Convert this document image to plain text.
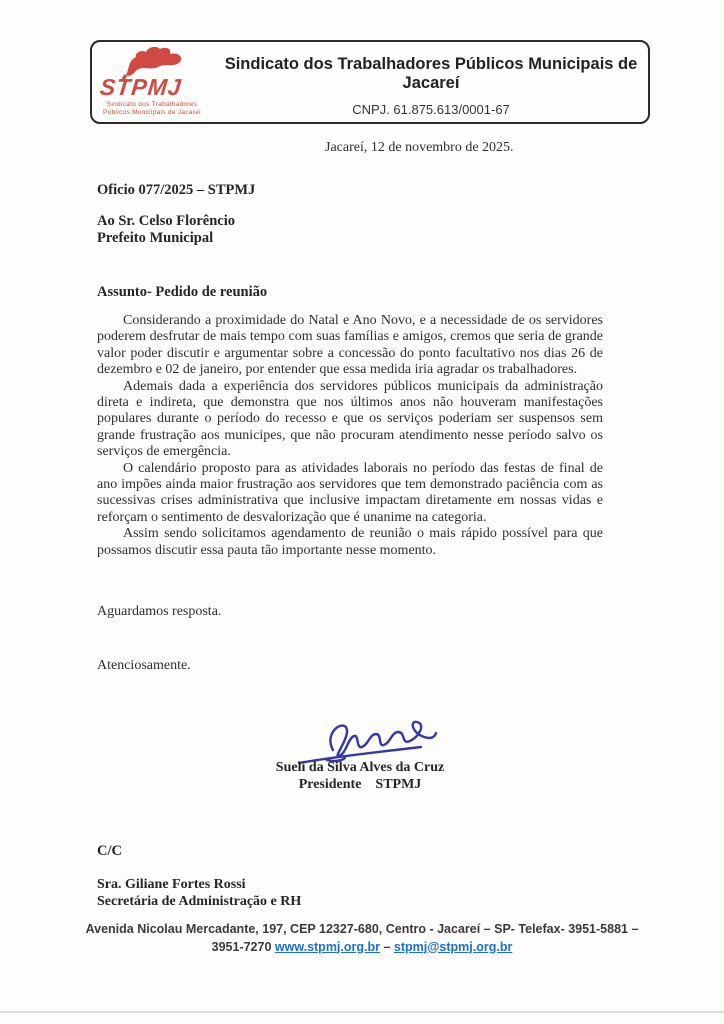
STPMJ
Sindicato dos Trabalhadores
Públicos Municipais de Jacarei
Sindicato dos Trabalhadores Públicos Municipais de Jacareí
CNPJ. 61.875.613/0001-67
Jacareí, 12 de novembro de 2025.
Oficio 077/2025 – STPMJ
Ao Sr. Celso Florêncio
Prefeito Municipal
Assunto- Pedido de reunião

Considerando a proximidade do Natal e Ano Novo, e a necessidade de os servidores poderem desfrutar de mais tempo com suas famílias e amigos, cremos que seria de grande valor poder discutir e argumentar sobre a concessão do ponto facultativo nos dias 26 de dezembro e 02 de janeiro, por entender que essa medida iria agradar os trabalhadores.

Ademais dada a experiência dos servidores públicos municipais da administração direta e indireta, que demonstra que nos últimos anos não houveram manifestações populares durante o período do recesso e que os serviços poderiam ser suspensos sem grande frustração aos municipes, que não procuram atendimento nesse período salvo os serviços de emergência.

O calendário proposto para as atividades laborais no período das festas de final de ano impões ainda maior frustração aos servidores que tem demonstrado paciência com as sucessivas crises administrativa que inclusive impactam diretamente em nossas vidas e reforçam o sentimento de desvalorização que é unanime na categoria.

Assim sendo solicitamos agendamento de reunião o mais rápido possível para que possamos discutir essa pauta tão importante nesse momento.

Aguardamos resposta.
Atenciosamente.
Sueli da Silva Alves da Cruz
Presidente    STPMJ
C/C
Sra. Giliane Fortes Rossi
Secretária de Administração e RH
Avenida Nicolau Mercadante, 197, CEP 12327-680, Centro - Jacareí – SP- Telefax- 3951-5881 –
3951-7270 www.stpmj.org.br – stpmj@stpmj.org.br
